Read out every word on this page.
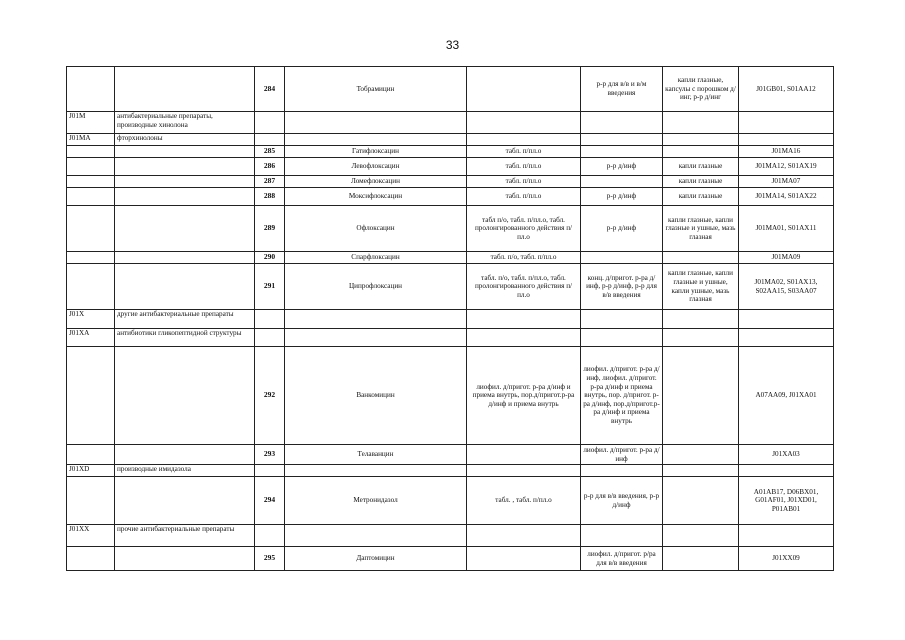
33
		284	Тобрамицин		р-р для в/в и в/м введения	капли глазные, капсулы с порошком д/инг, р-р д/инг	J01GB01, S01AA12
J01M	антибактериальные препараты, производные хинолона						
J01MA	фторхинолоны						
		285	Гатифлоксацин	табл. п/пл.о			J01MA16
		286	Левофлоксацин	табл. п/пл.о	р-р д/инф	капли глазные	J01MA12, S01AX19
		287	Ломефлоксацин	табл. п/пл.о		капли глазные	J01MA07
		288	Моксифлоксацин	табл. п/пл.о	р-р д/инф	капли глазные	J01MA14, S01AX22
		289	Офлоксацин	табл п/о, табл. п/пл.о, табл. пролонгированного действия п/пл.о	р-р д/инф	капли глазные, капли глазные и ушные, мазь глазная	J01MA01, S01AX11
		290	Спарфлоксацин	табл. п/о, табл. п/пл.о			J01MA09
		291	Ципрофлоксацин	табл. п/о, табл. п/пл.о, табл. пролонгированного действия п/пл.о	конц. д/пригот. р-ра д/инф, р-р д/инф, р-р для в/в введения	капли глазные, капли глазные и ушные, капли ушные, мазь глазная	J01MA02, S01AX13, S02AA15, S03AA07
J01X	другие антибактериальные препараты						
J01XA	антибиотики гликопептидной структуры						
		292	Ванкомицин	лиофил. д/пригот. р-ра д/инф и приема внутрь, пор.д/пригот.р-ра д/инф и приема внутрь	лиофил. д/пригот. р-ра д/инф, лиофил. д/пригот. р-ра д/инф и приема внутрь, пор. д/пригот. р-ра д/инф, пор.д/пригот.р-ра д/инф и приема внутрь		A07AA09, J01XA01
		293	Телаванцин		лиофил. д/пригот. р-ра д/инф		J01XA03
J01XD	производные имидазола						
		294	Метронидазол	табл. , табл. п/пл.о	р-р для в/в введения, р-р д/инф		A01AB17, D06BX01, G01AF01, J01XD01, P01AB01
J01XX	прочие антибактериальные препараты						
		295	Даптомицин		лиофил. д/пригот. р/ра для в/в введения		J01XX09
